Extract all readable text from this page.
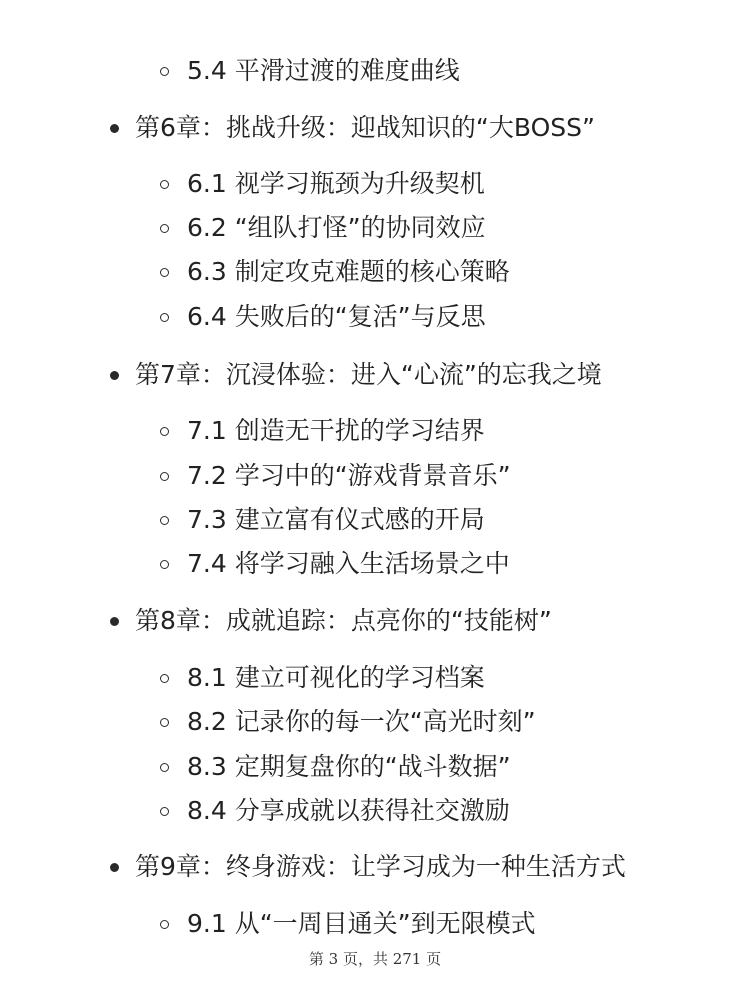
5.4 平滑过渡的难度曲线
第6章：挑战升级：迎战知识的“大BOSS”
6.1 视学习瓶颈为升级契机
6.2 “组队打怪”的协同效应
6.3 制定攻克难题的核心策略
6.4 失败后的“复活”与反思
第7章：沉浸体验：进入“心流”的忘我之境
7.1 创造无干扰的学习结界
7.2 学习中的“游戏背景音乐”
7.3 建立富有仪式感的开局
7.4 将学习融入生活场景之中
第8章：成就追踪：点亮你的“技能树”
8.1 建立可视化的学习档案
8.2 记录你的每一次“高光时刻”
8.3 定期复盘你的“战斗数据”
8.4 分享成就以获得社交激励
第9章：终身游戏：让学习成为一种生活方式
9.1 从“一周目通关”到无限模式
第 3 页，共 271 页
